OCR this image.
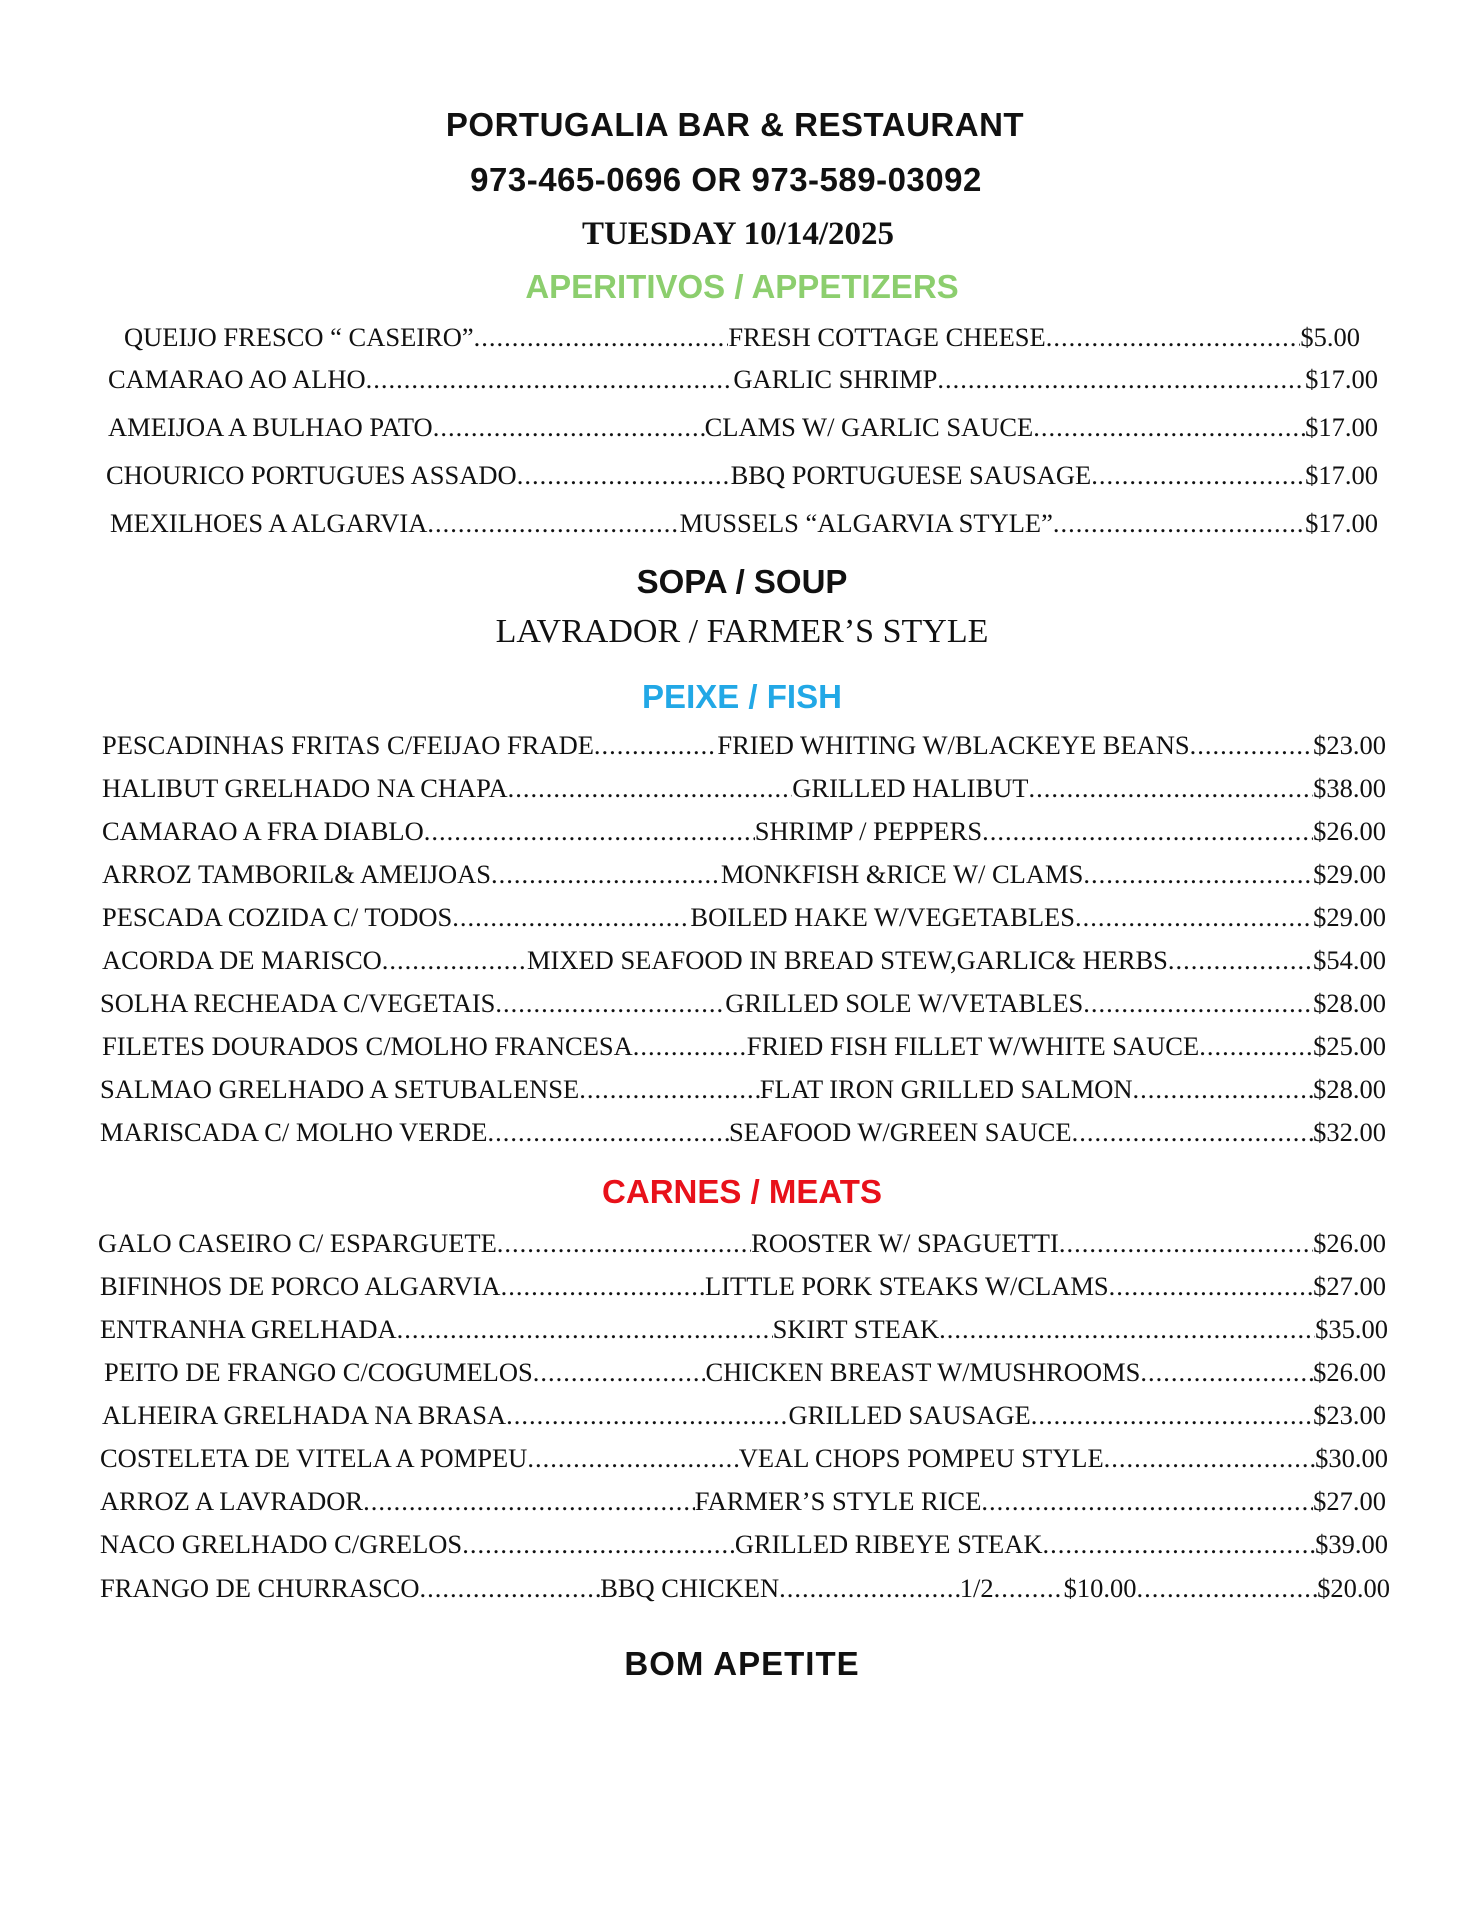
PORTUGALIA BAR & RESTAURANT
973-465-0696 OR 973-589-03092
TUESDAY 10/14/2025
APERITIVOS / APPETIZERS
QUEIJO FRESCO “ CASEIRO” .....	FRESH COTTAGE CHEESE .....	$5.00
CAMARAO AO ALHO .....	GARLIC SHRIMP .....	$17.00
AMEIJOA A BULHAO PATO .....	CLAMS W/ GARLIC SAUCE .....	$17.00
CHOURICO PORTUGUES ASSADO .....	BBQ PORTUGUESE SAUSAGE .....	$17.00
MEXILHOES A ALGARVIA .....	MUSSELS “ALGARVIA STYLE” .....	$17.00
SOPA / SOUP
LAVRADOR / FARMER’S STYLE
PEIXE / FISH
PESCADINHAS FRITAS C/FEIJAO FRADE .....	FRIED WHITING W/BLACKEYE BEANS .....	$23.00
HALIBUT GRELHADO NA CHAPA .....	GRILLED HALIBUT .....	$38.00
CAMARAO A FRA DIABLO .....	SHRIMP / PEPPERS .....	$26.00
ARROZ TAMBORIL& AMEIJOAS .....	MONKFISH &RICE W/ CLAMS .....	$29.00
PESCADA COZIDA C/ TODOS .....	BOILED HAKE W/VEGETABLES .....	$29.00
ACORDA DE MARISCO .....	MIXED SEAFOOD IN BREAD STEW,GARLIC& HERBS .....	$54.00
SOLHA RECHEADA C/VEGETAIS .....	GRILLED SOLE W/VETABLES .....	$28.00
FILETES DOURADOS C/MOLHO FRANCESA .....	FRIED FISH FILLET W/WHITE SAUCE .....	$25.00
SALMAO GRELHADO A SETUBALENSE .....	FLAT IRON GRILLED SALMON .....	$28.00
MARISCADA C/ MOLHO VERDE .....	SEAFOOD W/GREEN SAUCE .....	$32.00
CARNES / MEATS
GALO CASEIRO C/ ESPARGUETE .....	ROOSTER W/ SPAGUETTI .....	$26.00
BIFINHOS DE PORCO ALGARVIA .....	LITTLE PORK STEAKS W/CLAMS .....	$27.00
ENTRANHA GRELHADA .....	SKIRT STEAK .....	$35.00
PEITO DE FRANGO C/COGUMELOS .....	CHICKEN BREAST W/MUSHROOMS .....	$26.00
ALHEIRA GRELHADA NA BRASA .....	GRILLED SAUSAGE .....	$23.00
COSTELETA DE VITELA A POMPEU .....	VEAL CHOPS POMPEU STYLE .....	$30.00
ARROZ A LAVRADOR .....	FARMER’S STYLE RICE .....	$27.00
NACO GRELHADO C/GRELOS .....	GRILLED RIBEYE STEAK .....	$39.00
FRANGO DE CHURRASCO .....	BBQ CHICKEN .....	1/2 .....	$10.00 .....	$20.00
BOM APETITE
